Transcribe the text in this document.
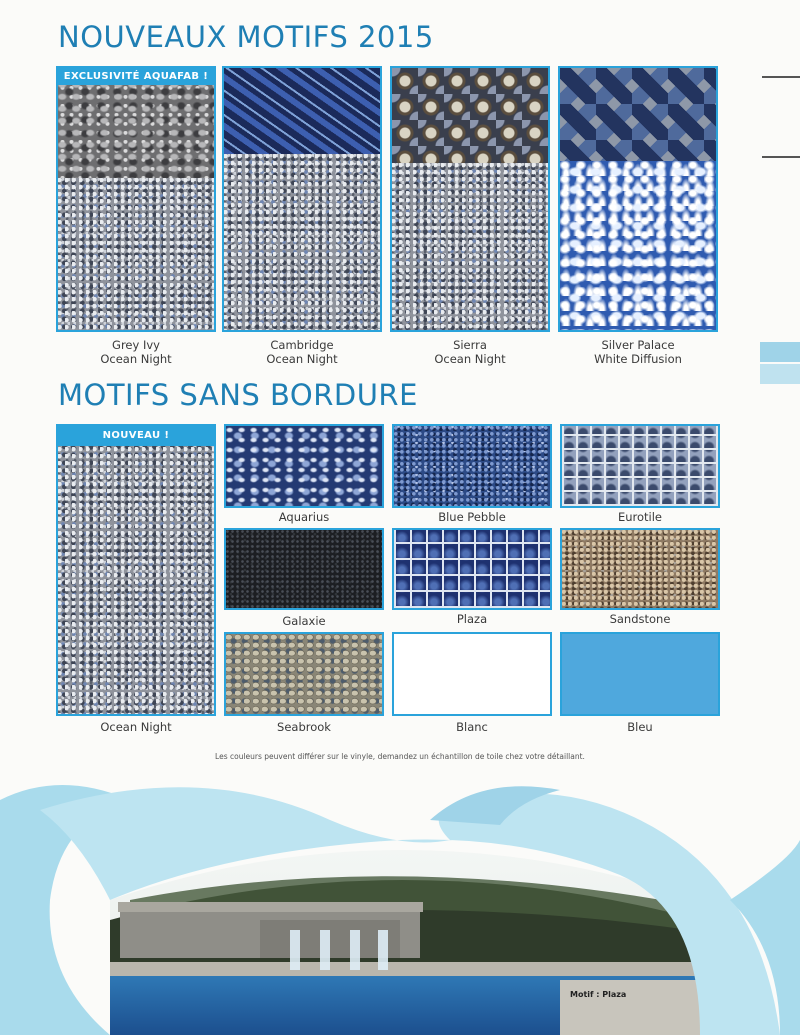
NOUVEAUX MOTIFS 2015
EXCLUSIVITÉ AQUAFAB !
Grey Ivy
Ocean Night
Cambridge
Ocean Night
Sierra
Ocean Night
Silver Palace
White Diffusion
MOTIFS SANS BORDURE
NOUVEAU !
Ocean Night
Aquarius	Blue Pebble	Eurotile
Galaxie	Plaza	Sandstone
Seabrook	Blanc	Bleu
Les couleurs peuvent différer sur le vinyle, demandez un échantillon de toile chez votre détaillant.
Motif : Plaza
